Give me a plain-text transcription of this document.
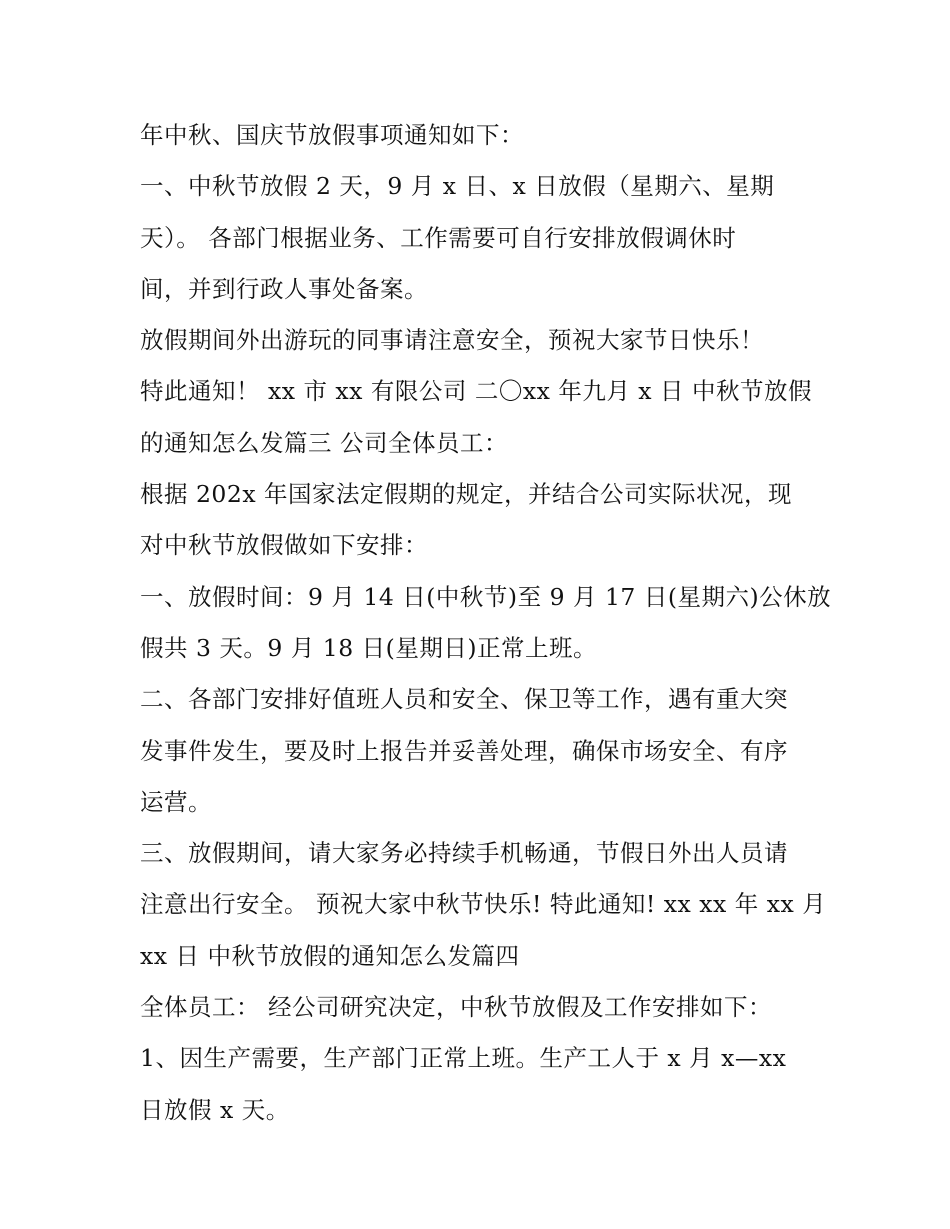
年中秋、国庆节放假事项通知如下：
一、中秋节放假 2 天，9 月 x 日、x 日放假（星期六、星期
天）。 各部门根据业务、工作需要可自行安排放假调休时
间，并到行政人事处备案。
放假期间外出游玩的同事请注意安全，预祝大家节日快乐！
特此通知！ xx 市 xx 有限公司 二〇xx 年九月 x 日 中秋节放假
的通知怎么发篇三 公司全体员工：
根据 202x 年国家法定假期的规定，并结合公司实际状况，现
对中秋节放假做如下安排：
一、放假时间：9 月 14 日(中秋节)至 9 月 17 日(星期六)公休放
假共 3 天。9 月 18 日(星期日)正常上班。
二、各部门安排好值班人员和安全、保卫等工作，遇有重大突
发事件发生，要及时上报告并妥善处理，确保市场安全、有序
运营。
三、放假期间，请大家务必持续手机畅通，节假日外出人员请
注意出行安全。 预祝大家中秋节快乐! 特此通知! xx xx 年 xx 月
xx 日 中秋节放假的通知怎么发篇四
全体员工： 经公司研究决定，中秋节放假及工作安排如下：
1、因生产需要，生产部门正常上班。生产工人于 x 月 x—xx
日放假 x 天。
